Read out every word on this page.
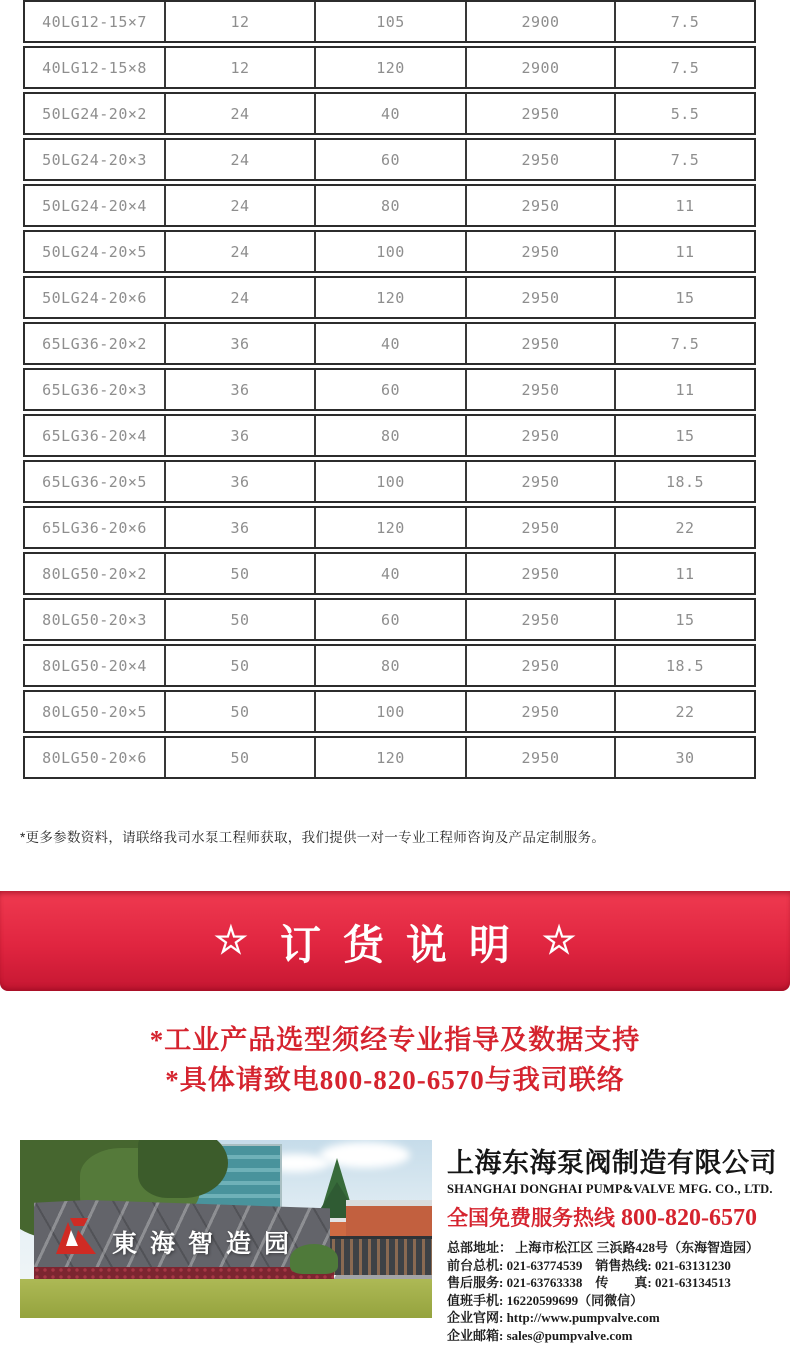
40LG12-15×7	12	105	2900	7.5
40LG12-15×8	12	120	2900	7.5
50LG24-20×2	24	40	2950	5.5
50LG24-20×3	24	60	2950	7.5
50LG24-20×4	24	80	2950	11
50LG24-20×5	24	100	2950	11
50LG24-20×6	24	120	2950	15
65LG36-20×2	36	40	2950	7.5
65LG36-20×3	36	60	2950	11
65LG36-20×4	36	80	2950	15
65LG36-20×5	36	100	2950	18.5
65LG36-20×6	36	120	2950	22
80LG50-20×2	50	40	2950	11
80LG50-20×3	50	60	2950	15
80LG50-20×4	50	80	2950	18.5
80LG50-20×5	50	100	2950	22
80LG50-20×6	50	120	2950	30

*更多参数资料，请联络我司水泵工程师获取，我们提供一对一专业工程师咨询及产品定制服务。

☆ 订货说明 ☆
*工业产品选型须经专业指导及数据支持
*具体请致电800-820-6570与我司联络
東海智造园
上海东海泵阀制造有限公司
SHANGHAI DONGHAI PUMP&VALVE MFG. CO., LTD.
全国免费服务热线 800-820-6570
总部地址： 上海市松江区 三浜路428号（东海智造园）
前台总机: 021-63774539　销售热线: 021-63131230
售后服务: 021-63763338　传　　真: 021-63134513
值班手机: 16220599699（同微信）
企业官网: http://www.pumpvalve.com
企业邮箱: sales@pumpvalve.com
